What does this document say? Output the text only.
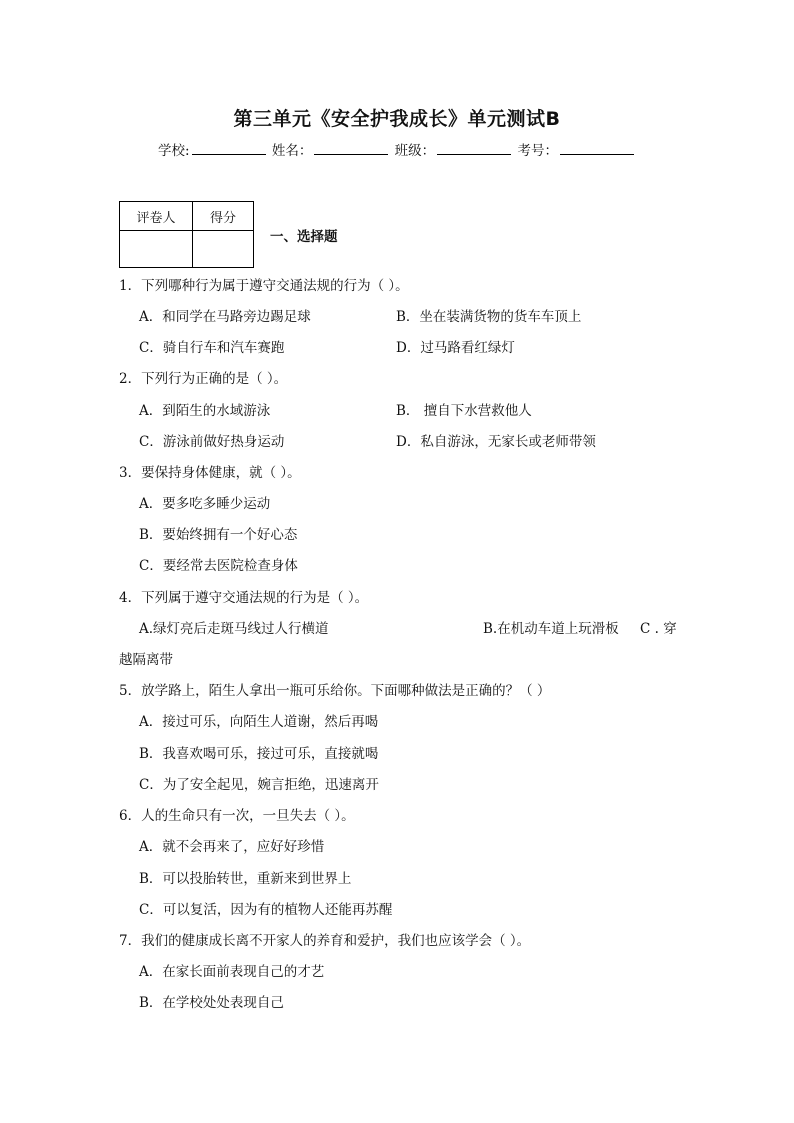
第三单元《安全护我成长》单元测试B
学校:	姓名：	班级：	考号：
评卷人	得分

一、选择题
1．下列哪种行为属于遵守交通法规的行为（ ）。
A．和同学在马路旁边踢足球	B．坐在装满货物的货车车顶上
C．骑自行车和汽车赛跑	D．过马路看红绿灯
2．下列行为正确的是（ ）。
A．到陌生的水域游泳	B． 擅自下水营救他人
C．游泳前做好热身运动	D．私自游泳，无家长或老师带领
3．要保持身体健康，就（ ）。
A．要多吃多睡少运动
B．要始终拥有一个好心态
C．要经常去医院检查身体
4．下列属于遵守交通法规的行为是（ ）。
A.绿灯亮后走斑马线过人行横道	B.在机动车道上玩滑板 C . 穿
越隔离带
5．放学路上，陌生人拿出一瓶可乐给你。下面哪种做法是正确的？（ ）
A．接过可乐，向陌生人道谢，然后再喝
B．我喜欢喝可乐，接过可乐，直接就喝
C．为了安全起见，婉言拒绝，迅速离开
6．人的生命只有一次，一旦失去（ ）。
A．就不会再来了，应好好珍惜
B．可以投胎转世，重新来到世界上
C．可以复活，因为有的植物人还能再苏醒
7．我们的健康成长离不开家人的养育和爱护，我们也应该学会（ ）。
A．在家长面前表现自己的才艺
B．在学校处处表现自己
